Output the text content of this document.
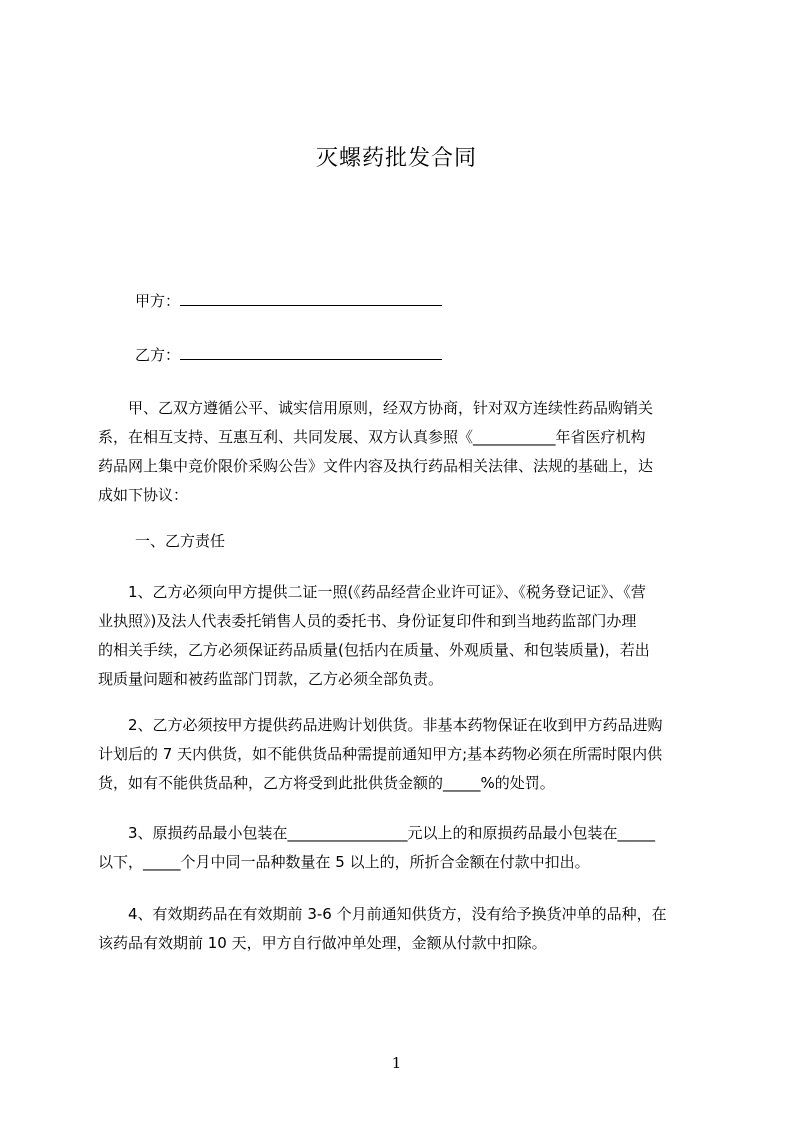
灭螺药批发合同
甲方：
乙方：
　　甲、乙双方遵循公平、诚实信用原则，经双方协商，针对双方连续性药品购销关
系，在相互支持、互惠互利、共同发展、双方认真参照《___________年省医疗机构
药品网上集中竞价限价采购公告》文件内容及执行药品相关法律、法规的基础上，达
成如下协议：
一、乙方责任
　　1、乙方必须向甲方提供二证一照(《药品经营企业许可证》、《税务登记证》、《营
业执照》)及法人代表委托销售人员的委托书、身份证复印件和到当地药监部门办理
的相关手续，乙方必须保证药品质量(包括内在质量、外观质量、和包装质量)，若出
现质量问题和被药监部门罚款，乙方必须全部负责。
　　2、乙方必须按甲方提供药品进购计划供货。非基本药物保证在收到甲方药品进购
计划后的 7 天内供货，如不能供货品种需提前通知甲方;基本药物必须在所需时限内供
货，如有不能供货品种，乙方将受到此批供货金额的_____%的处罚。
　　3、原损药品最小包装在________________元以上的和原损药品最小包装在_____
以下，_____个月中同一品种数量在 5 以上的，所折合金额在付款中扣出。
　　4、有效期药品在有效期前 3-6 个月前通知供货方，没有给予换货冲单的品种，在
该药品有效期前 10 天，甲方自行做冲单处理，金额从付款中扣除。
1
